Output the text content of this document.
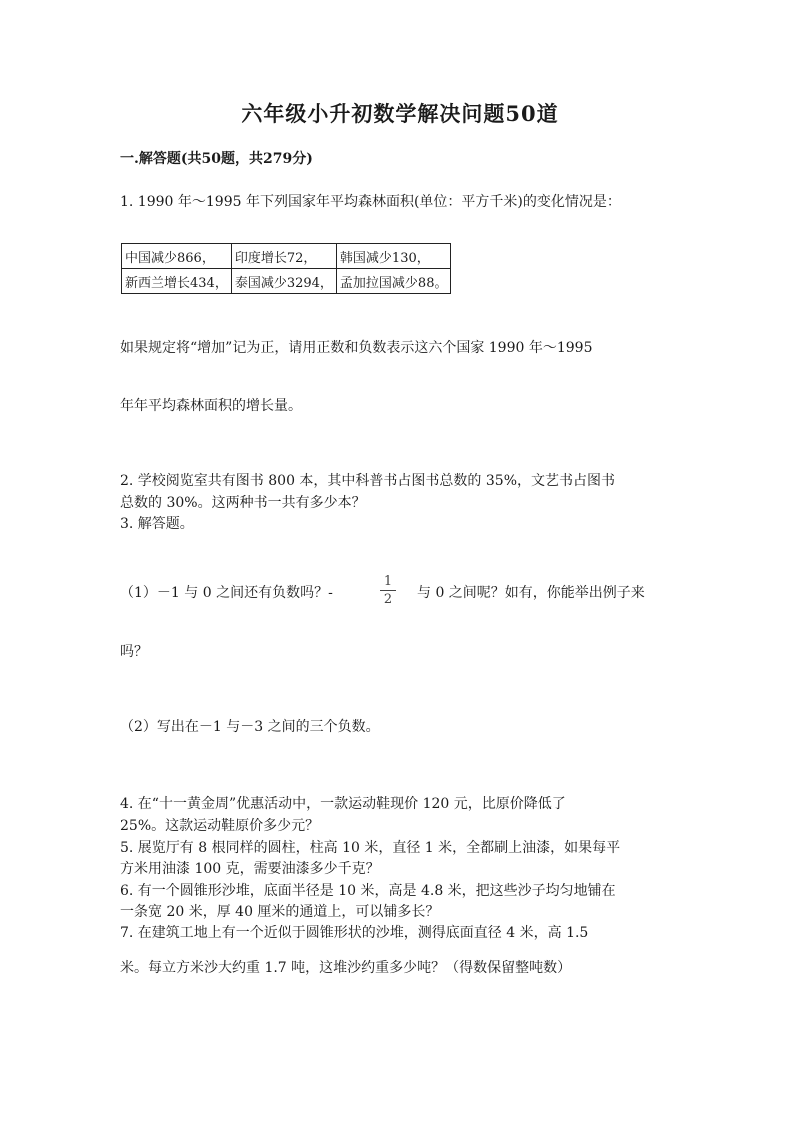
六年级小升初数学解决问题50道
一.解答题(共50题，共279分)
1. 1990 年～1995 年下列国家年平均森林面积(单位：平方千米)的变化情况是：
中国减少866，	印度增长72，	韩国减少130，
新西兰增长434，	泰国减少3294，	孟加拉国减少88。
如果规定将“增加”记为正，请用正数和负数表示这六个国家 1990 年～1995
年年平均森林面积的增长量。
2. 学校阅览室共有图书 800 本，其中科普书占图书总数的 35%，文艺书占图书
总数的 30%。这两种书一共有多少本？
3. 解答题。
（1）－1 与 0 之间还有负数吗？-
1
2 与 0 之间呢？如有，你能举出例子来
吗？
（2）写出在－1 与－3 之间的三个负数。
4. 在“十一黄金周”优惠活动中，一款运动鞋现价 120 元，比原价降低了
25%。这款运动鞋原价多少元？
5. 展览厅有 8 根同样的圆柱，柱高 10 米，直径 1 米，全都刷上油漆，如果每平
方米用油漆 100 克，需要油漆多少千克？
6. 有一个圆锥形沙堆，底面半径是 10 米，高是 4.8 米，把这些沙子均匀地铺在
一条宽 20 米，厚 40 厘米的通道上，可以铺多长？
7. 在建筑工地上有一个近似于圆锥形状的沙堆，测得底面直径 4 米，高 1.5
米。每立方米沙大约重 1.7 吨，这堆沙约重多少吨？（得数保留整吨数）
